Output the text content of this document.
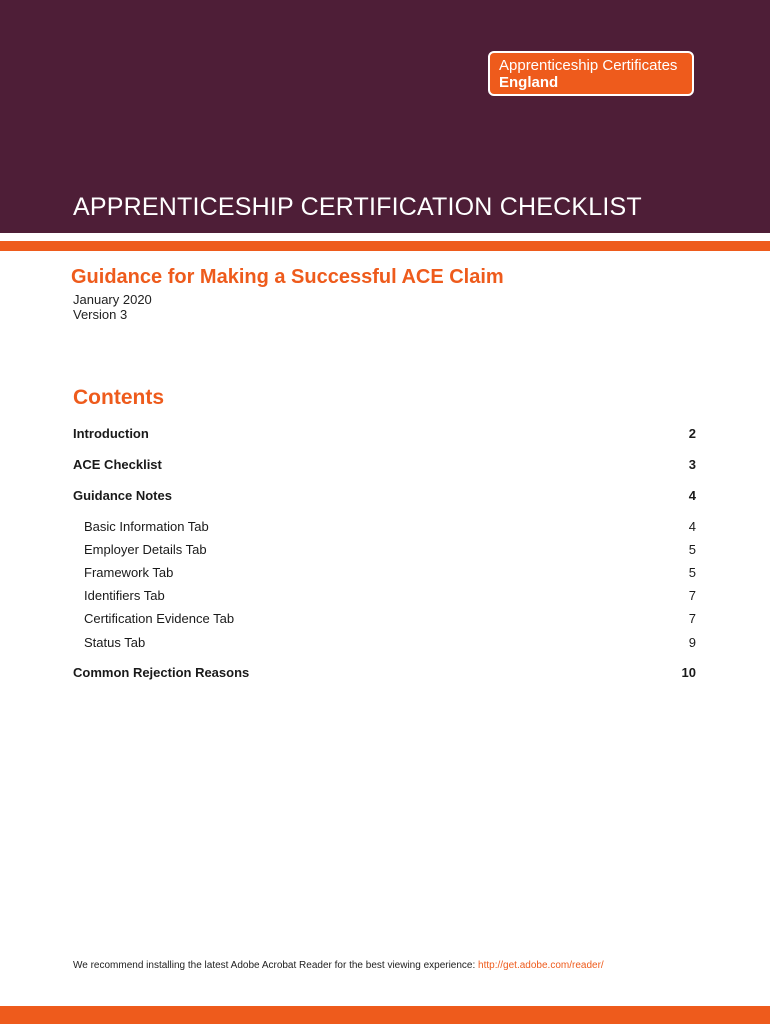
Apprenticeship Certificates
England
APPRENTICESHIP CERTIFICATION CHECKLIST
Guidance for Making a Successful ACE Claim
January 2020
Version 3
Contents
Introduction	2
ACE Checklist	3
Guidance Notes	4
Basic Information Tab	4
Employer Details Tab	5
Framework Tab	5
Identifiers Tab	7
Certification Evidence Tab	7
Status Tab	9
Common Rejection Reasons	10
We recommend installing the latest Adobe Acrobat Reader for the best viewing experience: http://get.adobe.com/reader/
